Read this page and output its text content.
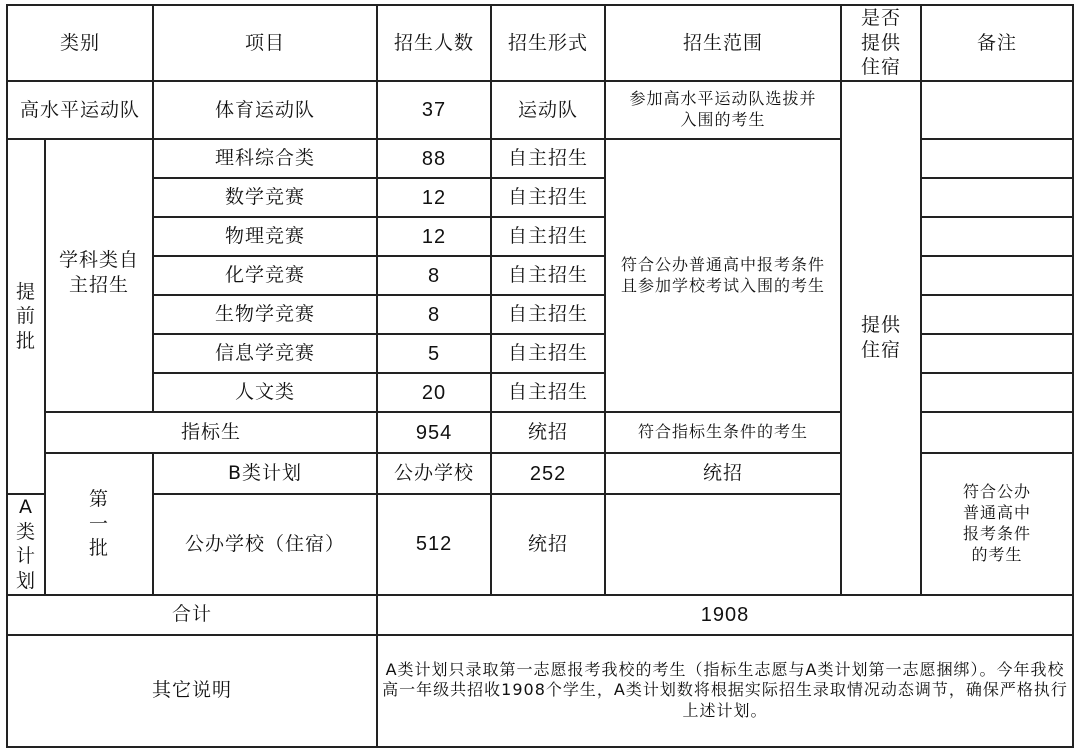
类别		项目	招生人数	招生形式	招生范围	是否提供住宿	备注	
高水平运动队		体育运动队	37	运动队	参加高水平运动队选拔并入围的考生	提供住宿		
提前批	学科类自主招生	理科综合类	88	自主招生	符合公办普通高中报考条件且参加学校考试入围的考生			
		数学竞赛	12	自主招生				
		物理竞赛	12	自主招生				
		化学竞赛	8	自主招生				
		生物学竞赛	8	自主招生				
		信息学竞赛	5	自主招生				
		人文类	20	自主招生				
	指标生		954	统招	符合指标生条件的考生			
	第一批	B类计划	公办学校	252	统招		符合公办普通高中报考条件的考生	
A类计划		公办学校（住宿）	512	统招				
合计			1908					
其它说明			A类计划只录取第一志愿报考我校的考生（指标生志愿与A类计划第一志愿捆绑）。今年我校高一年级共招收1908个学生，A类计划数将根据实际招生录取情况动态调节，确保严格执行上述计划。					
